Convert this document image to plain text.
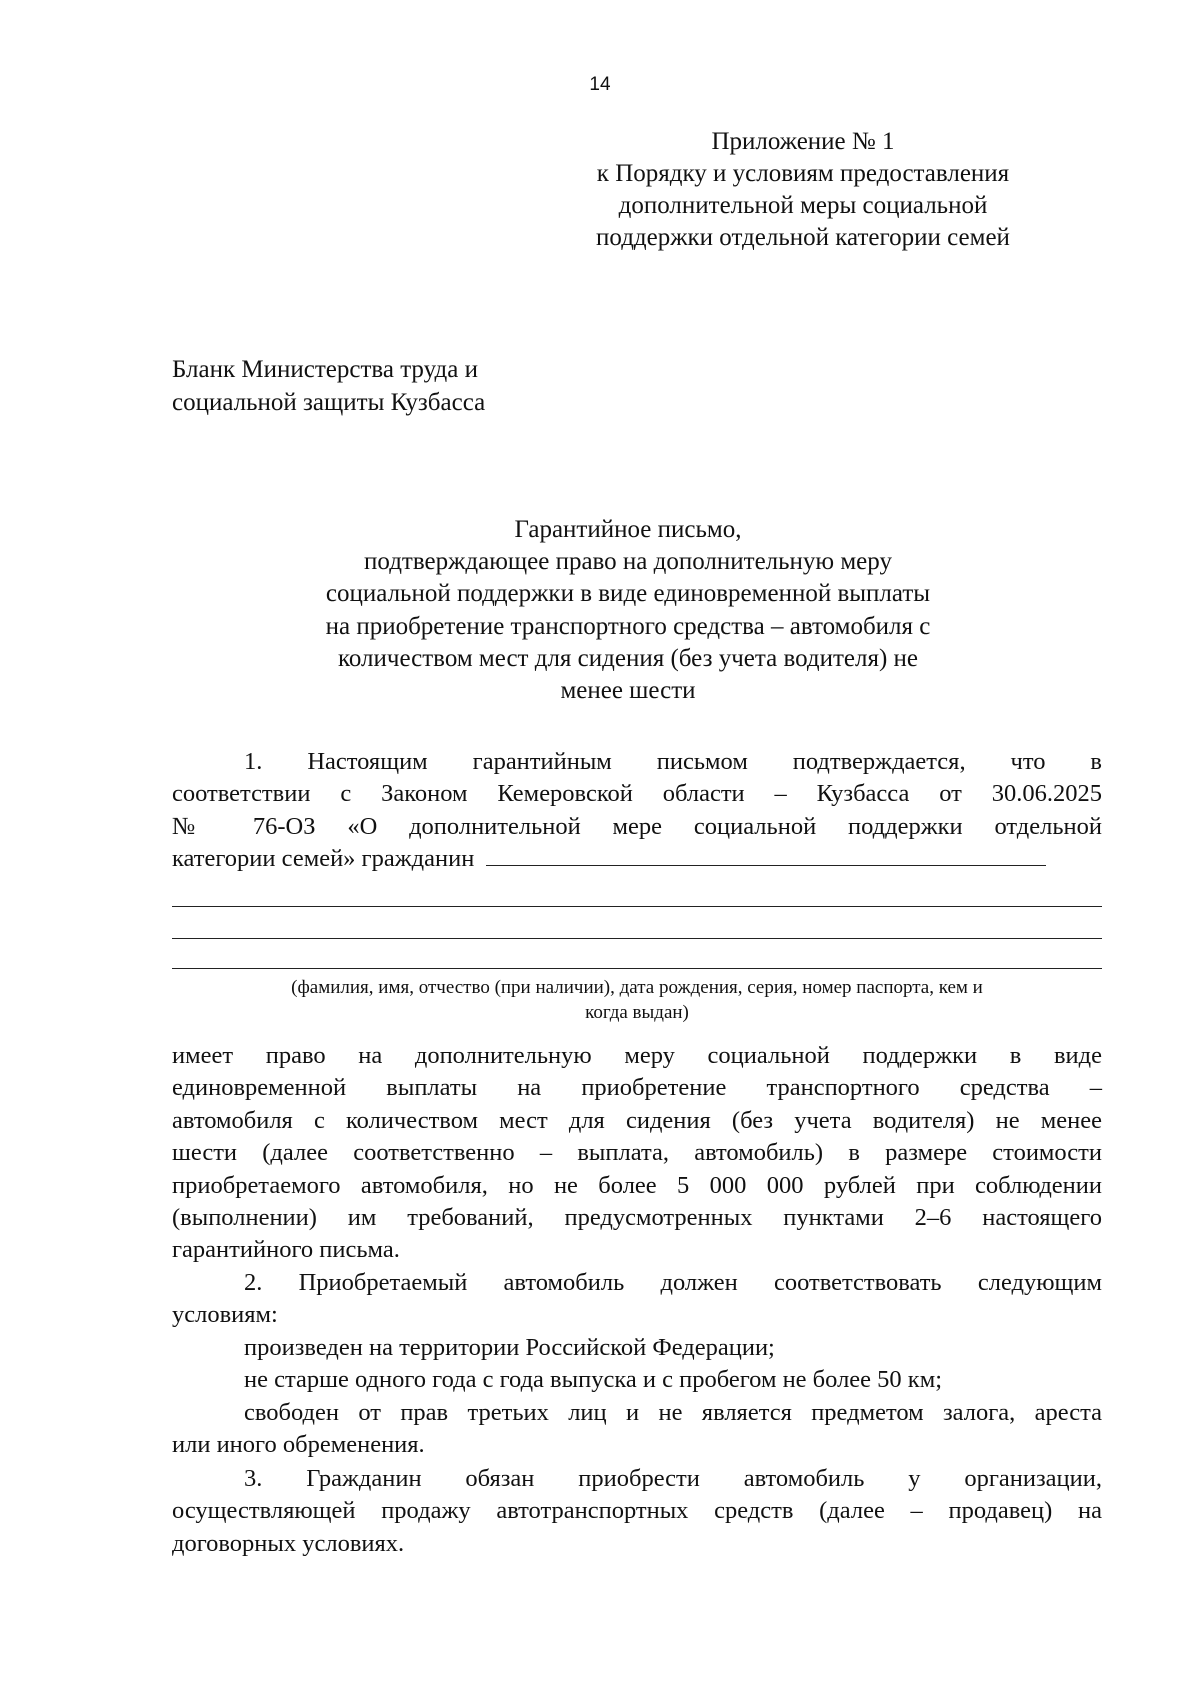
14
Приложение № 1
к Порядку и условиям предоставления
дополнительной меры социальной
поддержки отдельной категории семей
Бланк Министерства труда и
социальной защиты Кузбасса
Гарантийное письмо,
подтверждающее право на дополнительную меру
социальной поддержки в виде единовременной выплаты
на приобретение транспортного средства – автомобиля с
количеством мест для сидения (без учета водителя) не
менее шести
1. Настоящим гарантийным письмом подтверждается, что в
соответствии с Законом Кемеровской области – Кузбасса от 30.06.2025
№ 76-ОЗ «О дополнительной мере социальной поддержки отдельной
категории семей» гражданин
(фамилия, имя, отчество (при наличии), дата рождения, серия, номер паспорта, кем и
когда выдан)
имеет право на дополнительную меру социальной поддержки в виде
единовременной выплаты на приобретение транспортного средства –
автомобиля с количеством мест для сидения (без учета водителя) не менее
шести (далее соответственно – выплата, автомобиль) в размере стоимости
приобретаемого автомобиля, но не более 5 000 000 рублей при соблюдении
(выполнении) им требований, предусмотренных пунктами 2–6 настоящего
гарантийного письма.
2. Приобретаемый автомобиль должен соответствовать следующим
условиям:
произведен на территории Российской Федерации;
не старше одного года с года выпуска и с пробегом не более 50 км;
свободен от прав третьих лиц и не является предметом залога, ареста
или иного обременения.
3. Гражданин обязан приобрести автомобиль у организации,
осуществляющей продажу автотранспортных средств (далее – продавец) на
договорных условиях.
